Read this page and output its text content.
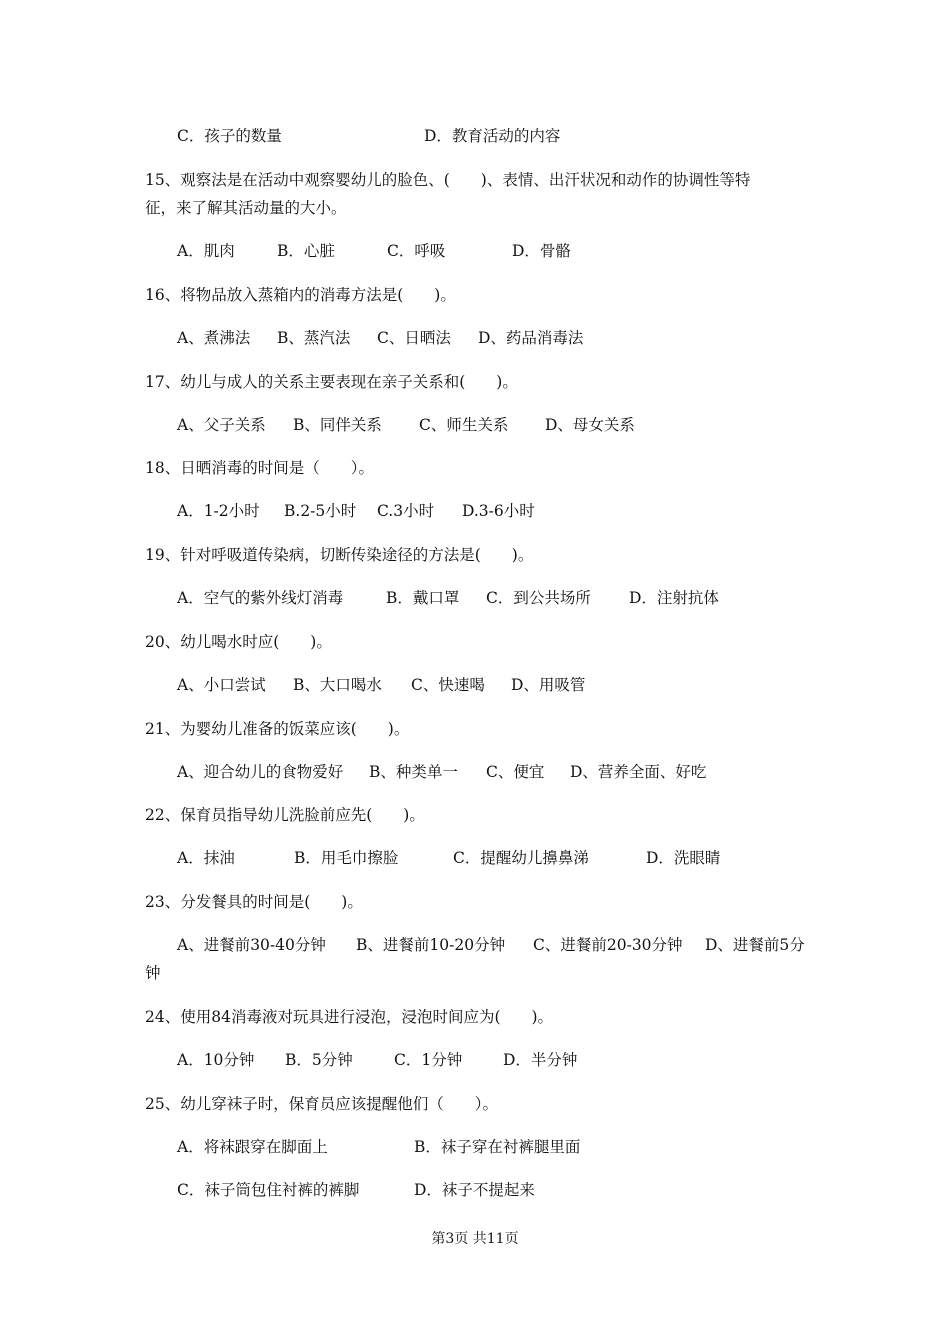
C．孩子的数量

	D．教育活动的内容

15、观察法是在活动中观察婴幼儿的脸色、(　　)、表情、出汗状况和动作的协调性等特
征，来了解其活动量的大小。

A．肌肉

	B．心脏

	C．呼吸

	D．骨骼

16、将物品放入蒸箱内的消毒方法是(　　)。

A、煮沸法

B、蒸汽法

C、日晒法

D、药品消毒法

17、幼儿与成人的关系主要表现在亲子关系和(　　)。

A、父子关系

B、同伴关系

C、师生关系

D、母女关系

18、日晒消毒的时间是（　　）。

A．1-2小时

B.2-5小时

C.3小时

D.3-6小时

19、针对呼吸道传染病，切断传染途径的方法是(　　)。

A．空气的紫外线灯消毒

	B．戴口罩

C．到公共场所

D．注射抗体

20、幼儿喝水时应(　　)。

A、小口尝试

B、大口喝水

C、快速喝

D、用吸管

21、为婴幼儿准备的饭菜应该(　　)。

A、迎合幼儿的食物爱好

B、种类单一

C、便宜

D、营养全面、好吃

22、保育员指导幼儿洗脸前应先(　　)。

A．抹油

	B．用毛巾擦脸

	C．提醒幼儿擤鼻涕

	D．洗眼睛

23、分发餐具的时间是(　　)。

A、进餐前30-40分钟

B、进餐前10-20分钟

C、进餐前20-30分钟

D、进餐前5分

钟
24、使用84消毒液对玩具进行浸泡，浸泡时间应为(　　)。

A．10分钟

B．5分钟

	C．1分钟

	D．半分钟

25、幼儿穿袜子时，保育员应该提醒他们（　　）。

A．将袜跟穿在脚面上

	B．袜子穿在衬裤腿里面

C．袜子筒包住衬裤的裤脚

	D．袜子不提起来

第3页 共11页
